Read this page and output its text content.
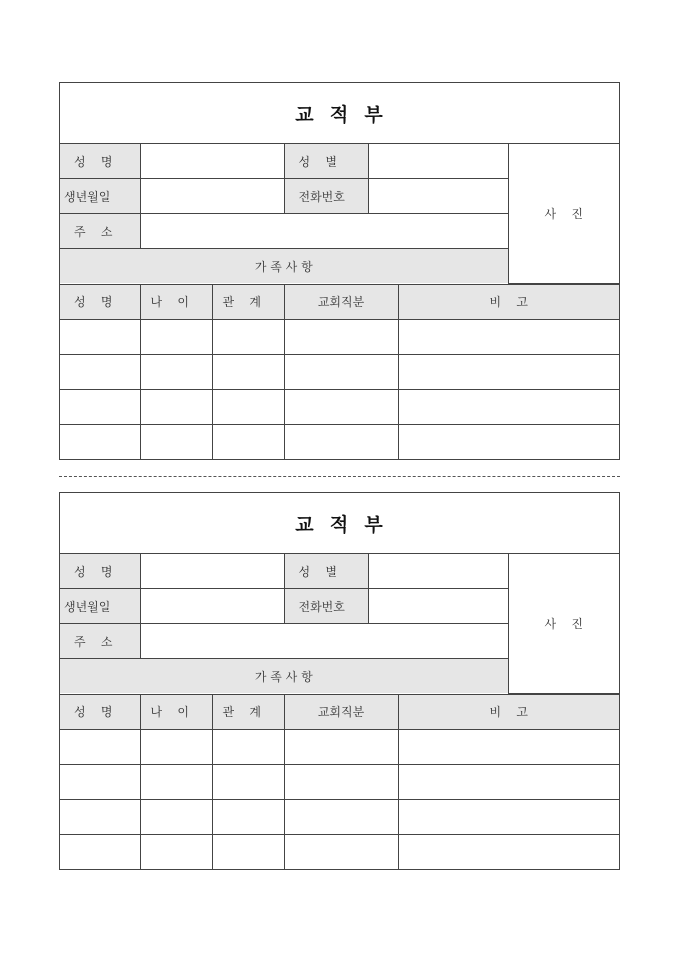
교  적  부
성    명		성    별		사    진
생년월일		전화번호		
주    소				
가 족 사 항				
성    명	나    이	관    계	교회직분	비    고

교  적  부
성    명		성    별		사    진
생년월일		전화번호		
주    소				
가 족 사 항				
성    명	나    이	관    계	교회직분	비    고
